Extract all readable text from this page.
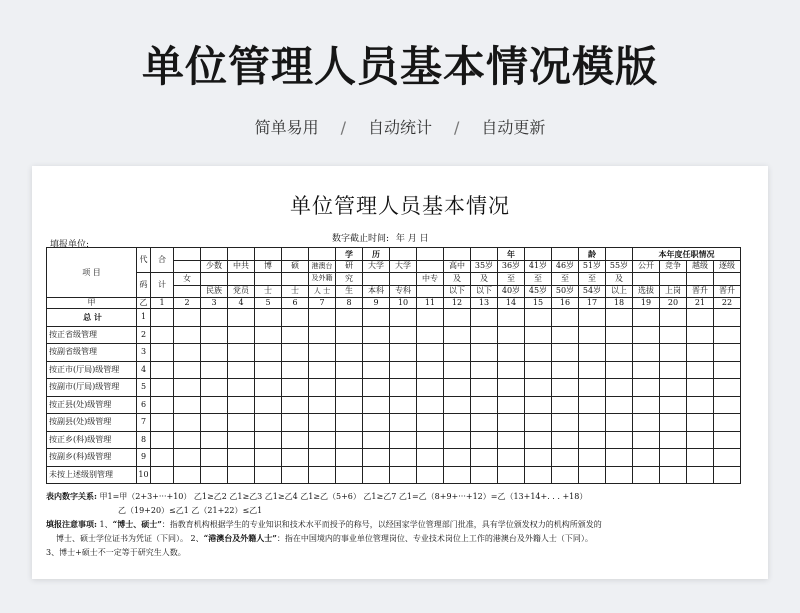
单位管理人员基本情况模版
简单易用 / 自动统计 / 自动更新
单位管理人员基本情况
数字截止时间: 年 月 日
填报单位:
项 目	代	合							学	历					年			龄		本年度任职情况			
				少数	中共	博	硕	港澳台	研	大学	大学		高中	35岁	36岁	41岁	46岁	51岁	55岁	公开	竞争	越级	逐级
	码	计	女					及外籍	究			中专	及	及	至	至	至	至	及				
				民族	党员	士	士	人 士	生	本科	专科		以下	以下	40岁	45岁	50岁	54岁	以上	选拔	上岗	晋升	晋升
甲	乙	1	2	3	4	5	6	7	8	9	10	11	12	13	14	15	16	17	18	19	20	21	22
总 计	1																						
按正省级管理	2																						
按副省级管理	3																						
按正市(厅局)级管理	4																						
按副市(厅局)级管理	5																						
按正县(处)级管理	6																						
按副县(处)级管理	7																						
按正乡(科)级管理	8																						
按副乡(科)级管理	9																						
未按上述级别管理	10																						
表内数字关系: 甲1=甲（2+3+···+10） 乙1≥乙2 乙1≥乙3 乙1≥乙4 乙1≥乙（5+6） 乙1≥乙7 乙1=乙（8+9+···+12）=乙（13+14+. . . +18）
乙（19+20）≤乙1 乙（21+22）≤乙1
填报注意事项: 1、“博士、硕士”：指教育机构根据学生的专业知识和技术水平而授予的称号，以经国家学位管理部门批准，具有学位颁发权力的机构所颁发的
博士、硕士学位证书为凭证（下同）。 2、“港澳台及外籍人士”：指在中国境内的事业单位管理岗位、专业技术岗位上工作的港澳台及外籍人士（下同）。
3、博士+硕士不一定等于研究生人数。
